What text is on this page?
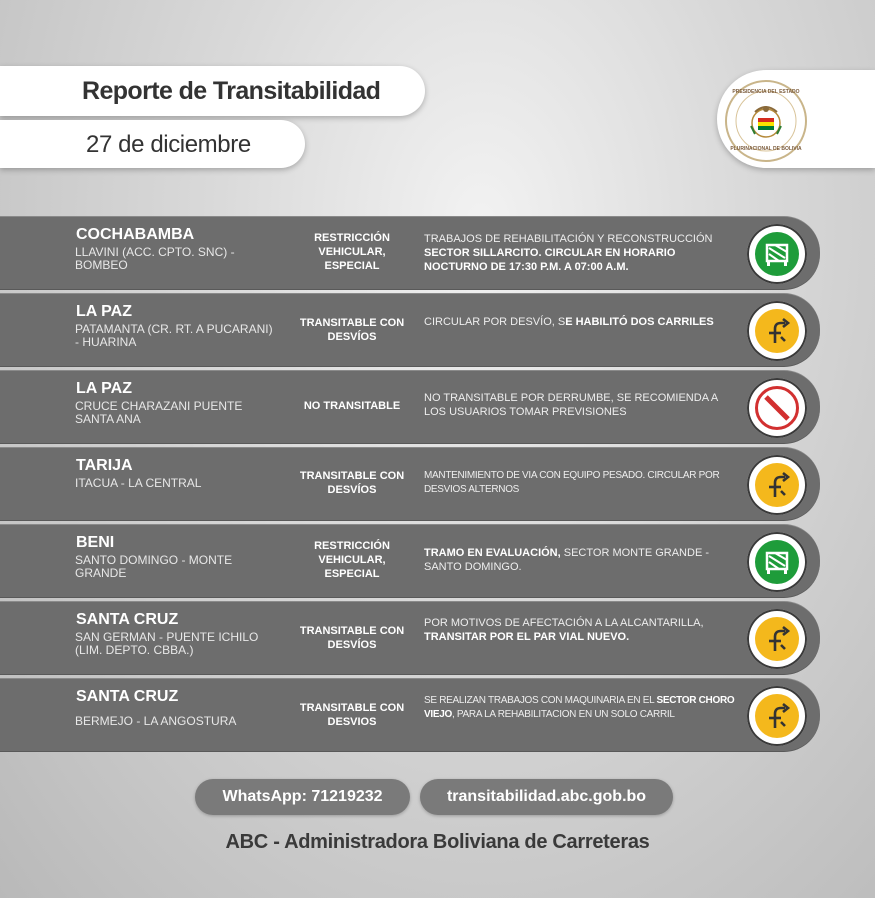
Reporte de Transitabilidad
27 de diciembre
PRESIDENCIA DEL ESTADO
PLURINACIONAL DE BOLIVIA
COCHABAMBA
LLAVINI (ACC. CPTO. SNC) - BOMBEO
RESTRICCIÓN VEHICULAR, ESPECIAL
TRABAJOS DE REHABILITACIÓN Y RECONSTRUCCIÓN SECTOR SILLARCITO. CIRCULAR EN HORARIO NOCTURNO DE 17:30 P.M. A 07:00 A.M.
LA PAZ
PATAMANTA (CR. RT. A PUCARANI) - HUARINA
TRANSITABLE CON DESVÍOS
CIRCULAR POR DESVÍO, SE HABILITÓ DOS CARRILES
LA PAZ
CRUCE CHARAZANI PUENTE SANTA ANA
NO TRANSITABLE
NO TRANSITABLE POR DERRUMBE, SE RECOMIENDA A LOS USUARIOS TOMAR PREVISIONES
TARIJA
ITACUA - LA CENTRAL	TRANSITABLE CON DESVÍOS
MANTENIMIENTO DE VIA CON EQUIPO PESADO. CIRCULAR POR DESVIOS ALTERNOS
BENI
SANTO DOMINGO - MONTE GRANDE
RESTRICCIÓN VEHICULAR, ESPECIAL
TRAMO EN EVALUACIÓN, SECTOR MONTE GRANDE - SANTO DOMINGO.
SANTA CRUZ
SAN GERMAN - PUENTE ICHILO (LIM. DEPTO. CBBA.)
TRANSITABLE CON DESVÍOS
POR MOTIVOS DE AFECTACIÓN A LA ALCANTARILLA, TRANSITAR POR EL PAR VIAL NUEVO.
SANTA CRUZ
BERMEJO - LA ANGOSTURA
TRANSITABLE CON DESVIOS
SE REALIZAN TRABAJOS CON MAQUINARIA EN EL SECTOR CHORO VIEJO, PARA LA REHABILITACION EN UN SOLO CARRIL
WhatsApp: 71219232	transitabilidad.abc.gob.bo
ABC - Administradora Boliviana de Carreteras
